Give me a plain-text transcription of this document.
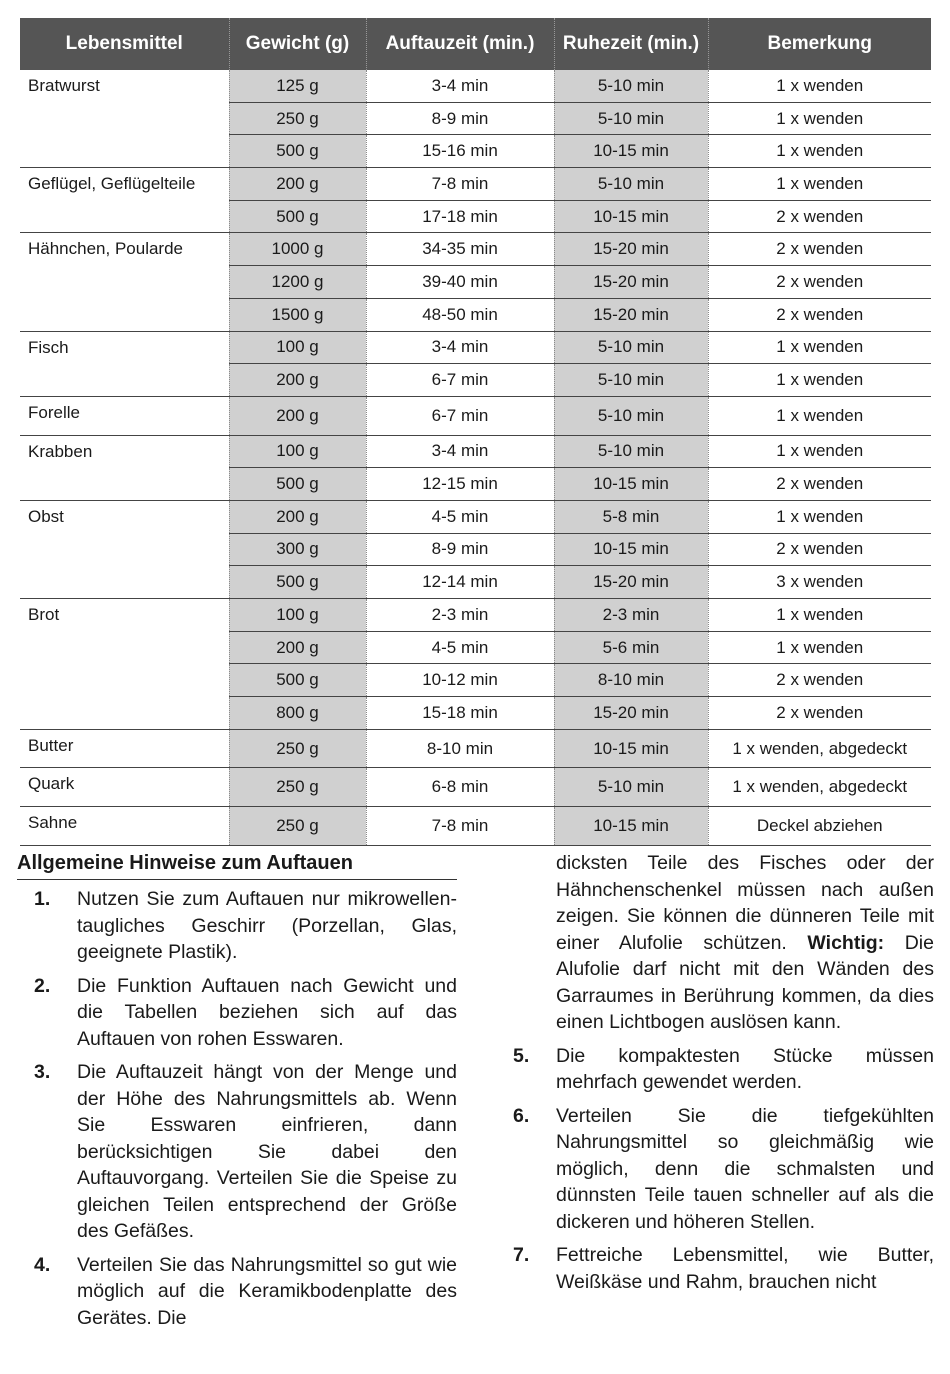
Lebensmittel	Gewicht (g)	Auftauzeit (min.)	Ruhezeit (min.)	Bemerkung
Bratwurst	125 g	3-4 min	5-10 min	1 x wenden
	250 g	8-9 min	5-10 min	1 x wenden
	500 g	15-16 min	10-15 min	1 x wenden
Geflügel, Geflügelteile	200 g	7-8 min	5-10 min	1 x wenden
	500 g	17-18 min	10-15 min	2 x wenden
Hähnchen, Poularde	1000 g	34-35 min	15-20 min	2 x wenden
	1200 g	39-40 min	15-20 min	2 x wenden
	1500 g	48-50 min	15-20 min	2 x wenden
Fisch	100 g	3-4 min	5-10 min	1 x wenden
	200 g	6-7 min	5-10 min	1 x wenden
Forelle	200 g	6-7 min	5-10 min	1 x wenden
Krabben	100 g	3-4 min	5-10 min	1 x wenden
	500 g	12-15 min	10-15 min	2 x wenden
Obst	200 g	4-5 min	5-8 min	1 x wenden
	300 g	8-9 min	10-15 min	2 x wenden
	500 g	12-14 min	15-20 min	3 x wenden
Brot	100 g	2-3 min	2-3 min	1 x wenden
	200 g	4-5 min	5-6 min	1 x wenden
	500 g	10-12 min	8-10 min	2 x wenden
	800 g	15-18 min	15-20 min	2 x wenden
Butter	250 g	8-10 min	10-15 min	1 x wenden, abgedeckt
Quark	250 g	6-8 min	5-10 min	1 x wenden, abgedeckt
Sahne	250 g	7-8 min	10-15 min	Deckel abziehen
Allgemeine Hinweise zum Auftauen
1.	Nutzen Sie zum Auftauen nur mikrowellen-taugliches Geschirr (Porzellan, Glas, geeignete Plastik).
2.	Die Funktion Auftauen nach Gewicht und die Tabellen beziehen sich auf das Auftauen von rohen Esswaren.
3.	Die Auftauzeit hängt von der Menge und der Höhe des Nahrungsmittels ab. Wenn Sie Esswaren einfrieren, dann berücksichtigen Sie dabei den Auftauvorgang. Verteilen Sie die Speise zu gleichen Teilen entsprechend der Größe des Gefäßes.
4.	Verteilen Sie das Nahrungsmittel so gut wie möglich auf die Keramikbodenplatte des Gerätes. Die
dicksten Teile des Fisches oder der Hähnchenschenkel müssen nach außen zeigen. Sie können die dünneren Teile mit einer Alufolie schützen. Wichtig: Die Alufolie darf nicht mit den Wänden des Garraumes in Berührung kommen, da dies einen Lichtbogen auslösen kann.
5.	Die kompaktesten Stücke müssen mehrfach gewendet werden.
6.	Verteilen Sie die tiefgekühlten Nahrungsmittel so gleichmäßig wie möglich, denn die schmalsten und dünnsten Teile tauen schneller auf als die dickeren und höheren Stellen.
7.	Fettreiche Lebensmittel, wie Butter, Weißkäse und Rahm, brauchen nicht
